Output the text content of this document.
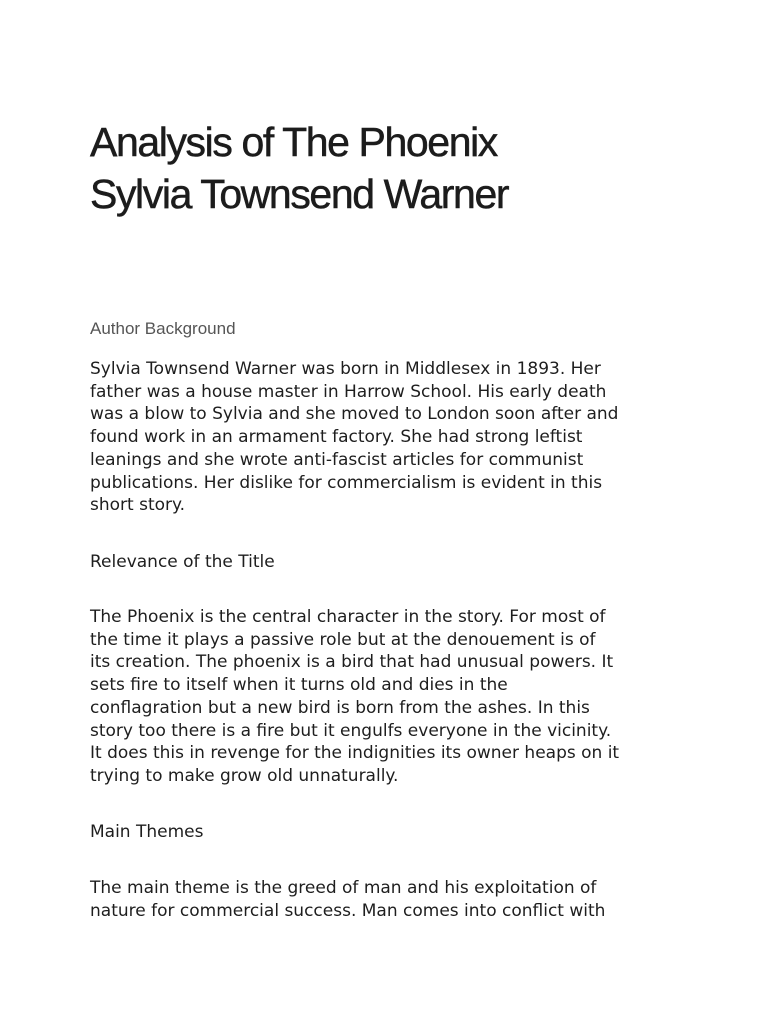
Analysis of The Phoenix
Sylvia Townsend Warner
Author Background

Sylvia Townsend Warner was born in Middlesex in 1893. Her
father was a house master in Harrow School. His early death
was a blow to Sylvia and she moved to London soon after and
found work in an armament factory. She had strong leftist
leanings and she wrote anti-fascist articles for communist
publications. Her dislike for commercialism is evident in this
short story.

Relevance of the Title

The Phoenix is the central character in the story. For most of
the time it plays a passive role but at the denouement is of
its creation. The phoenix is a bird that had unusual powers. It
sets fire to itself when it turns old and dies in the
conflagration but a new bird is born from the ashes. In this
story too there is a fire but it engulfs everyone in the vicinity.
It does this in revenge for the indignities its owner heaps on it
trying to make grow old unnaturally.

Main Themes

The main theme is the greed of man and his exploitation of
nature for commercial success. Man comes into conflict with
